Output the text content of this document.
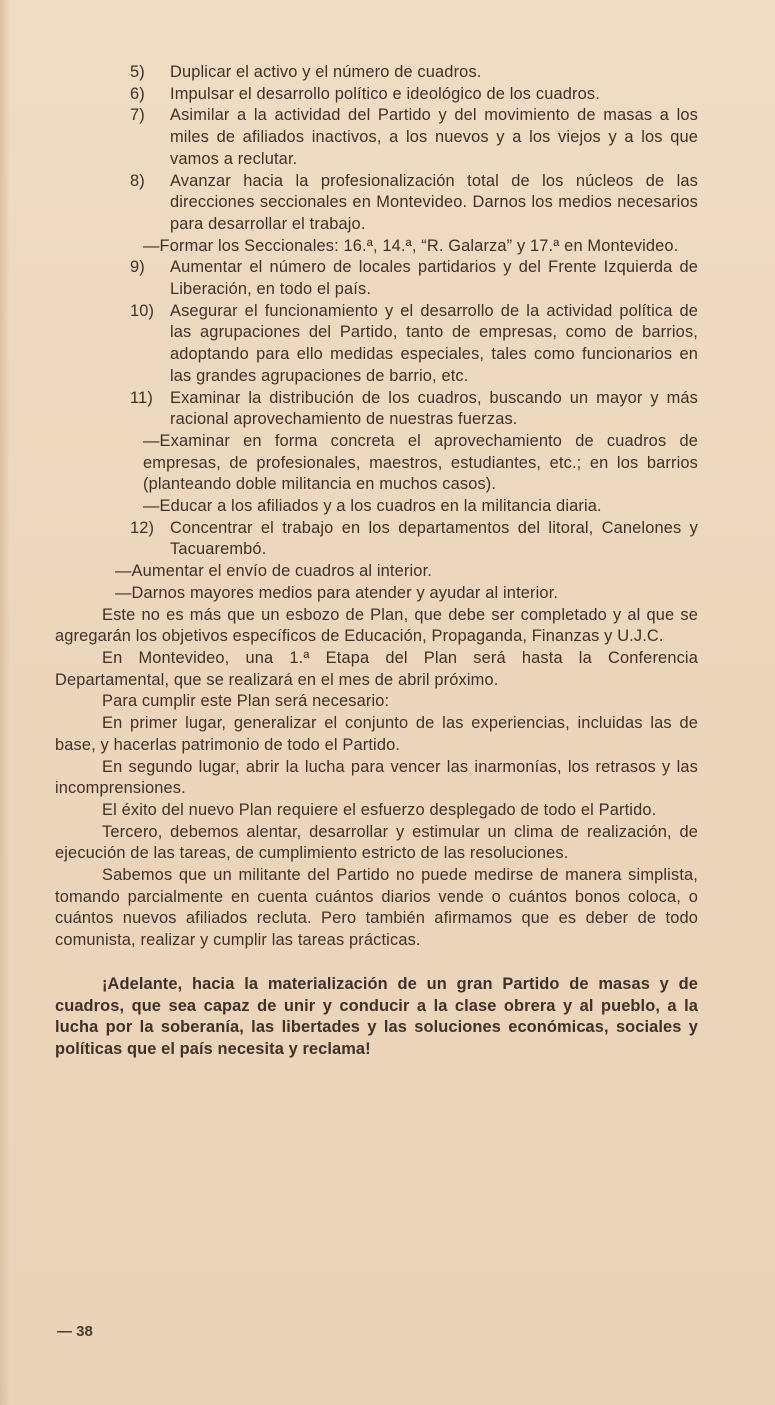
5)	Duplicar el activo y el número de cuadros.
6)	Impulsar el desarrollo político e ideológico de los cuadros.
7)	Asimilar a la actividad del Partido y del movimiento de masas a los miles de afiliados inactivos, a los nuevos y a los viejos y a los que vamos a reclutar.
8)	Avanzar hacia la profesionalización total de los núcleos de las direcciones seccionales en Montevideo. Darnos los medios necesarios para desarrollar el trabajo.
—Formar los Seccionales: 16.ª, 14.ª, “R. Galarza” y 17.ª en Montevideo.
9)	Aumentar el número de locales partidarios y del Frente Izquierda de Liberación, en todo el país.
10) Asegurar el funcionamiento y el desarrollo de la actividad política de las agrupaciones del Partido, tanto de empresas, como de barrios, adoptando para ello medidas especiales, tales como funcionarios en las grandes agrupaciones de barrio, etc.
11)	Examinar la distribución de los cuadros, buscando un mayor y más racional aprovechamiento de nuestras fuerzas.
—Examinar en forma concreta el aprovechamiento de cuadros de empresas, de profesionales, maestros, estudiantes, etc.; en los barrios (planteando doble militancia en muchos casos).
—Educar a los afiliados y a los cuadros en la militancia diaria.
12) Concentrar el trabajo en los departamentos del litoral, Canelones y Tacuarembó.
—Aumentar el envío de cuadros al interior.
—Darnos mayores medios para atender y ayudar al interior.

Este no es más que un esbozo de Plan, que debe ser completado y al que se agregarán los objetivos específicos de Educación, Propaganda, Finanzas y U.J.C.

En Montevideo, una 1.ª Etapa del Plan será hasta la Conferencia Departamental, que se realizará en el mes de abril próximo.

Para cumplir este Plan será necesario:

En primer lugar, generalizar el conjunto de las experiencias, incluidas las de base, y hacerlas patrimonio de todo el Partido.

En segundo lugar, abrir la lucha para vencer las inarmonías, los retrasos y las incomprensiones.

El éxito del nuevo Plan requiere el esfuerzo desplegado de todo el Partido.

Tercero, debemos alentar, desarrollar y estimular un clima de realización, de ejecución de las tareas, de cumplimiento estricto de las resoluciones.

Sabemos que un militante del Partido no puede medirse de manera simplista, tomando parcialmente en cuenta cuántos diarios vende o cuántos bonos coloca, o cuántos nuevos afiliados recluta. Pero también afirmamos que es deber de todo comunista, realizar y cumplir las tareas prácticas.

¡Adelante, hacia la materialización de un gran Partido de masas y de cuadros, que sea capaz de unir y conducir a la clase obrera y al pueblo, a la lucha por la soberanía, las libertades y las soluciones económicas, sociales y políticas que el país necesita y reclama!

— 38
